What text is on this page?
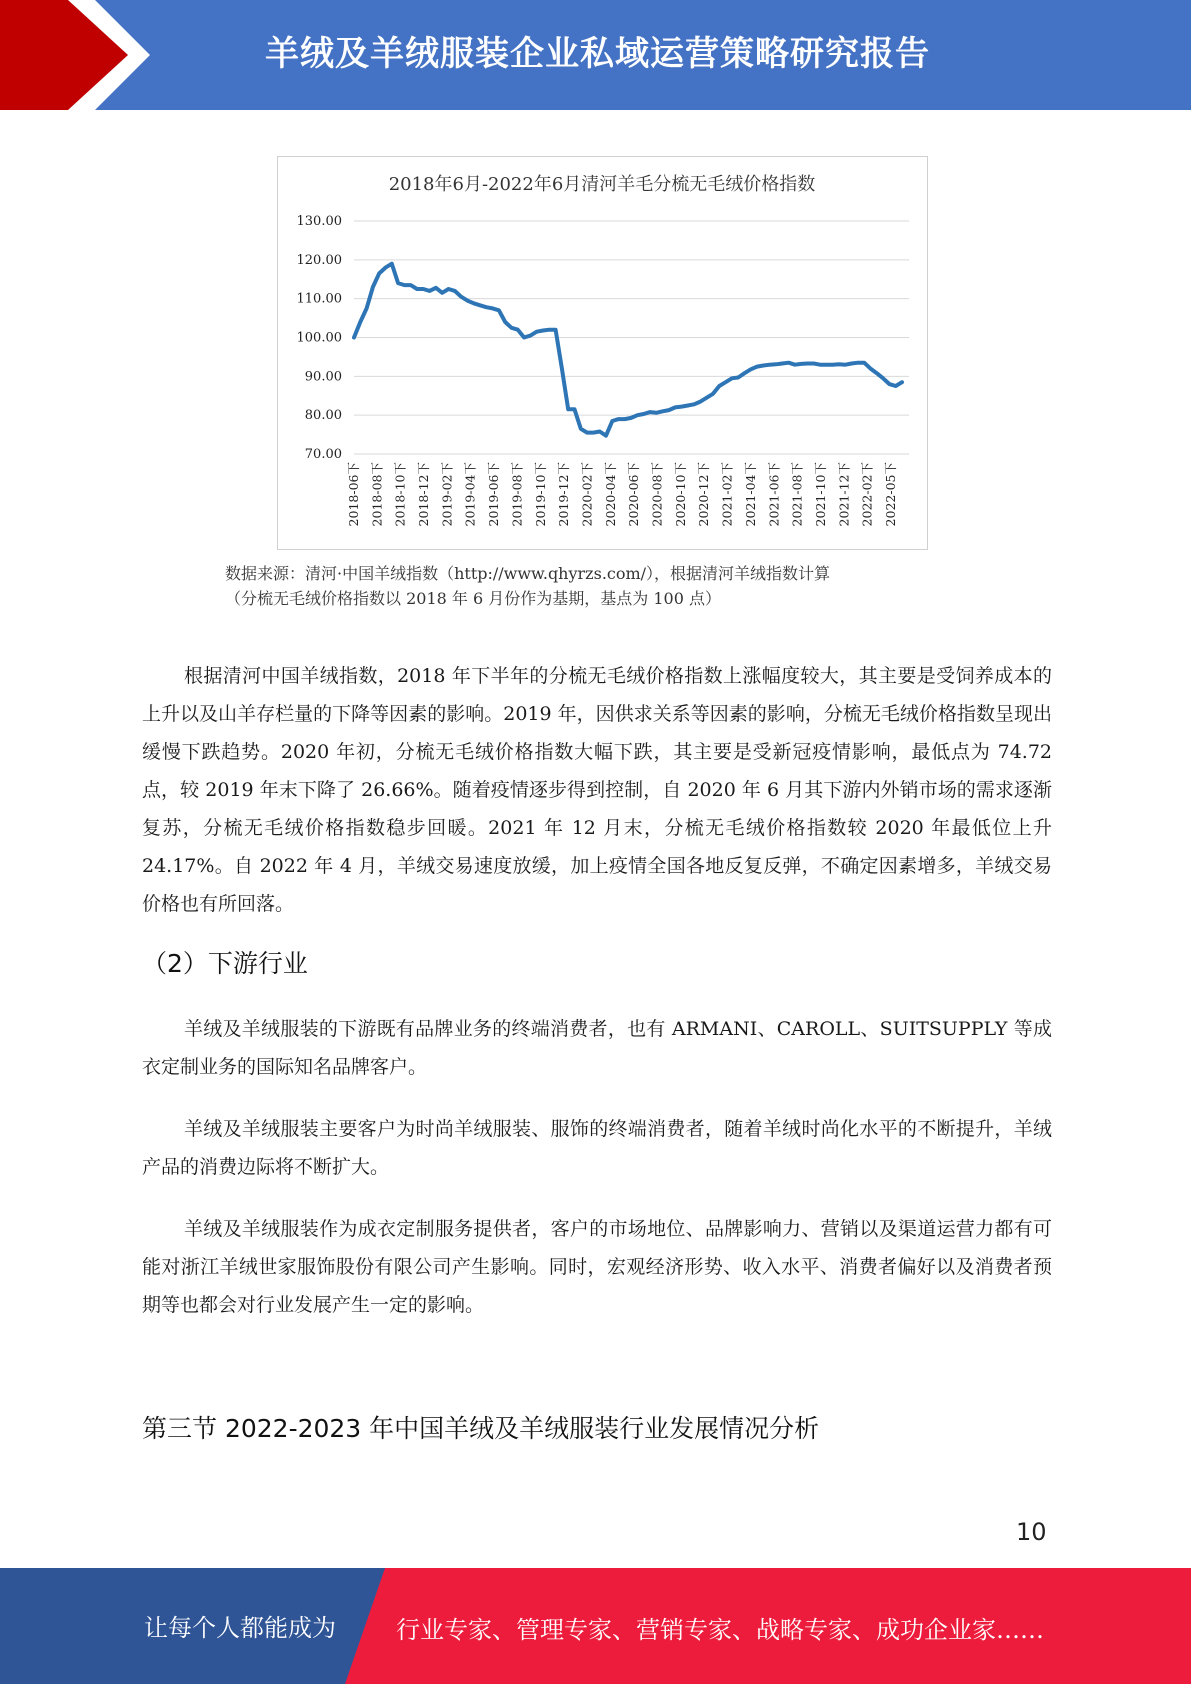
羊绒及羊绒服装企业私域运营策略研究报告
2018年6月-2022年6月清河羊毛分梳无毛绒价格指数
70.00
80.00
90.00
100.00
110.00
120.00
130.00
2018-06下 2018-08下 2018-10下 2018-12下 2019-02下 2019-04下 2019-06下 2019-08下 2019-10下 2019-12下 2020-02下 2020-04下 2020-06下 2020-08下 2020-10下 2020-12下 2021-02下 2021-04下 2021-06下 2021-08下 2021-10下 2021-12下 2022-02下 2022-05下
数据来源：清河·中国羊绒指数（http://www.qhyrzs.com/），根据清河羊绒指数计算
（分梳无毛绒价格指数以 2018 年 6 月份作为基期，基点为 100 点）

根据清河中国羊绒指数，2018 年下半年的分梳无毛绒价格指数上涨幅度较大，其主要是受饲养成本的上升以及山羊存栏量的下降等因素的影响。2019 年，因供求关系等因素的影响，分梳无毛绒价格指数呈现出缓慢下跌趋势。2020 年初，分梳无毛绒价格指数大幅下跌，其主要是受新冠疫情影响，最低点为 74.72 点，较 2019 年末下降了 26.66%。随着疫情逐步得到控制，自 2020 年 6 月其下游内外销市场的需求逐渐复苏，分梳无毛绒价格指数稳步回暖。2021 年 12 月末，分梳无毛绒价格指数较 2020 年最低位上升 24.17%。自 2022 年 4 月，羊绒交易速度放缓，加上疫情全国各地反复反弹，不确定因素增多，羊绒交易价格也有所回落。

（2）下游行业

羊绒及羊绒服装的下游既有品牌业务的终端消费者，也有 ARMANI、CAROLL、SUITSUPPLY 等成衣定制业务的国际知名品牌客户。

羊绒及羊绒服装主要客户为时尚羊绒服装、服饰的终端消费者，随着羊绒时尚化水平的不断提升，羊绒产品的消费边际将不断扩大。

羊绒及羊绒服装作为成衣定制服务提供者，客户的市场地位、品牌影响力、营销以及渠道运营力都有可能对浙江羊绒世家服饰股份有限公司产生影响。同时，宏观经济形势、收入水平、消费者偏好以及消费者预期等也都会对行业发展产生一定的影响。

第三节 2022-2023 年中国羊绒及羊绒服装行业发展情况分析
10
让每个人都能成为	行业专家、管理专家、营销专家、战略专家、成功企业家……
